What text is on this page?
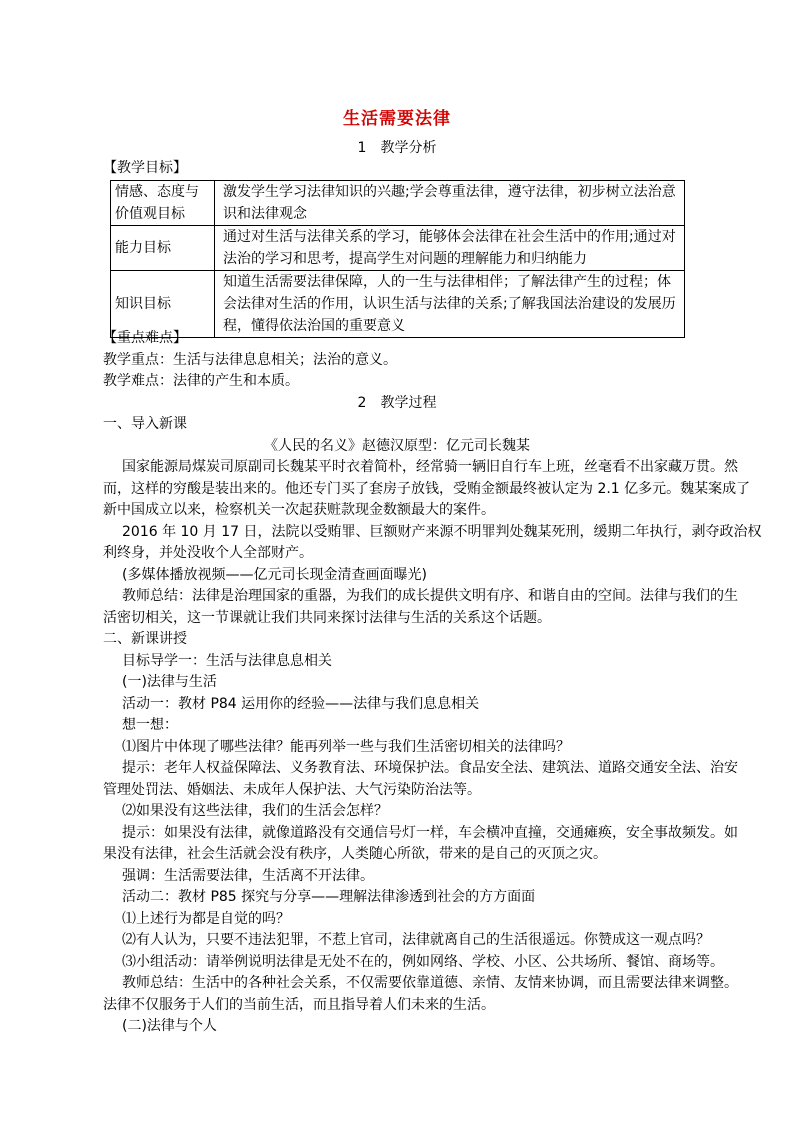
生活需要法律
1　教学分析
【教学目标】
情感、态度与价值观目标	激发学生学习法律知识的兴趣;学会尊重法律，遵守法律，初步树立法治意识和法律观念
能力目标	通过对生活与法律关系的学习，能够体会法律在社会生活中的作用;通过对法治的学习和思考，提高学生对问题的理解能力和归纳能力
知识目标	知道生活需要法律保障，人的一生与法律相伴；了解法律产生的过程；体会法律对生活的作用，认识生活与法律的关系;了解我国法治建设的发展历程，懂得依法治国的重要意义
【重点难点】
教学重点：生活与法律息息相关；法治的意义。
教学难点：法律的产生和本质。
2　教学过程
一、导入新课
《人民的名义》赵德汉原型：亿元司长魏某
国家能源局煤炭司原副司长魏某平时衣着简朴，经常骑一辆旧自行车上班，丝毫看不出家藏万贯。然
而，这样的穷酸是装出来的。他还专门买了套房子放钱，受贿金额最终被认定为 2.1 亿多元。魏某案成了
新中国成立以来，检察机关一次起获赃款现金数额最大的案件。
2016 年 10 月 17 日，法院以受贿罪、巨额财产来源不明罪判处魏某死刑，缓期二年执行，剥夺政治权
利终身，并处没收个人全部财产。
(多媒体播放视频——亿元司长现金清查画面曝光)
教师总结：法律是治理国家的重器，为我们的成长提供文明有序、和谐自由的空间。法律与我们的生
活密切相关，这一节课就让我们共同来探讨法律与生活的关系这个话题。
二、新课讲授
目标导学一：生活与法律息息相关
(一)法律与生活
活动一：教材 P84 运用你的经验——法律与我们息息相关
想一想：
⑴图片中体现了哪些法律？能再列举一些与我们生活密切相关的法律吗？
提示：老年人权益保障法、义务教育法、环境保护法。食品安全法、建筑法、道路交通安全法、治安
管理处罚法、婚姻法、未成年人保护法、大气污染防治法等。
⑵如果没有这些法律，我们的生活会怎样？
提示：如果没有法律，就像道路没有交通信号灯一样，车会横冲直撞，交通瘫痪，安全事故频发。如
果没有法律，社会生活就会没有秩序，人类随心所欲，带来的是自己的灭顶之灾。
强调：生活需要法律，生活离不开法律。
活动二：教材 P85 探究与分享——理解法律渗透到社会的方方面面
⑴上述行为都是自觉的吗？
⑵有人认为，只要不违法犯罪，不惹上官司，法律就离自己的生活很遥远。你赞成这一观点吗？
⑶小组活动：请举例说明法律是无处不在的，例如网络、学校、小区、公共场所、餐馆、商场等。
教师总结：生活中的各种社会关系，不仅需要依靠道德、亲情、友情来协调，而且需要法律来调整。
法律不仅服务于人们的当前生活，而且指导着人们未来的生活。
(二)法律与个人
